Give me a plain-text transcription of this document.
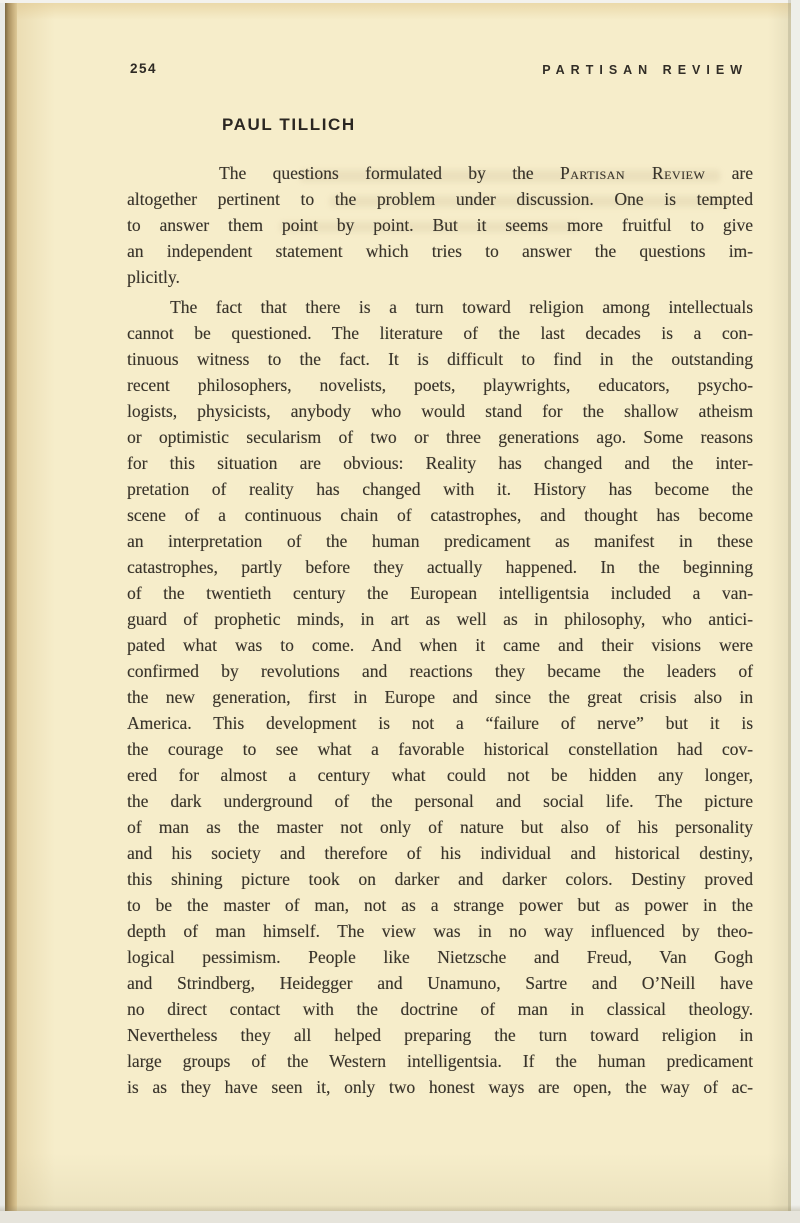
254	PARTISAN REVIEW
PAUL TILLICH
The questions formulated by the Partisan Review are
altogether pertinent to the problem under discussion. One is tempted
to answer them point by point. But it seems more fruitful to give
an independent statement which tries to answer the questions im-
plicitly.
The fact that there is a turn toward religion among intellectuals
cannot be questioned. The literature of the last decades is a con-
tinuous witness to the fact. It is difficult to find in the outstanding
recent philosophers, novelists, poets, playwrights, educators, psycho-
logists, physicists, anybody who would stand for the shallow atheism
or optimistic secularism of two or three generations ago. Some reasons
for this situation are obvious: Reality has changed and the inter-
pretation of reality has changed with it. History has become the
scene of a continuous chain of catastrophes, and thought has become
an interpretation of the human predicament as manifest in these
catastrophes, partly before they actually happened. In the beginning
of the twentieth century the European intelligentsia included a van-
guard of prophetic minds, in art as well as in philosophy, who antici-
pated what was to come. And when it came and their visions were
confirmed by revolutions and reactions they became the leaders of
the new generation, first in Europe and since the great crisis also in
America. This development is not a “failure of nerve” but it is
the courage to see what a favorable historical constellation had cov-
ered for almost a century what could not be hidden any longer,
the dark underground of the personal and social life. The picture
of man as the master not only of nature but also of his personality
and his society and therefore of his individual and historical destiny,
this shining picture took on darker and darker colors. Destiny proved
to be the master of man, not as a strange power but as power in the
depth of man himself. The view was in no way influenced by theo-
logical pessimism. People like Nietzsche and Freud, Van Gogh
and Strindberg, Heidegger and Unamuno, Sartre and O’Neill have
no direct contact with the doctrine of man in classical theology.
Nevertheless they all helped preparing the turn toward religion in
large groups of the Western intelligentsia. If the human predicament
is as they have seen it, only two honest ways are open, the way of ac-
